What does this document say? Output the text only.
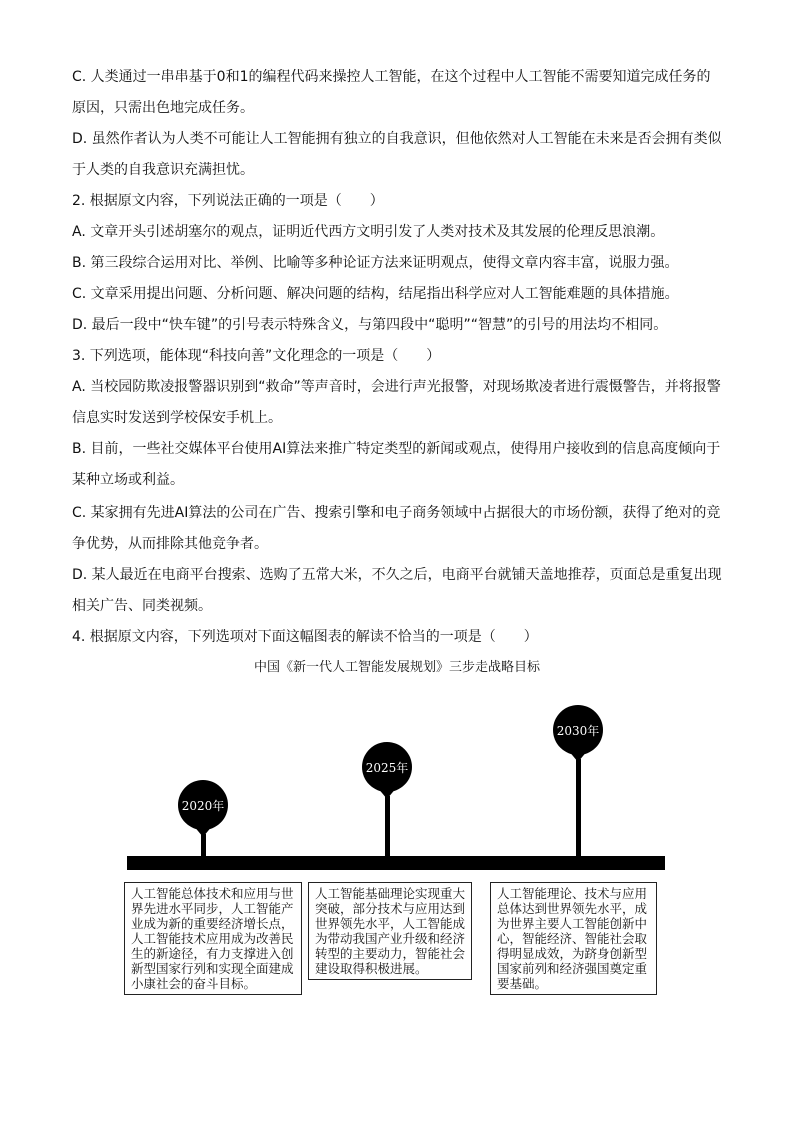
C. 人类通过一串串基于0和1的编程代码来操控人工智能，在这个过程中人工智能不需要知道完成任务的原因，只需出色地完成任务。

D. 虽然作者认为人类不可能让人工智能拥有独立的自我意识，但他依然对人工智能在未来是否会拥有类似于人类的自我意识充满担忧。

2. 根据原文内容，下列说法正确的一项是（　　）

A. 文章开头引述胡塞尔的观点，证明近代西方文明引发了人类对技术及其发展的伦理反思浪潮。

B. 第三段综合运用对比、举例、比喻等多种论证方法来证明观点，使得文章内容丰富，说服力强。

C. 文章采用提出问题、分析问题、解决问题的结构，结尾指出科学应对人工智能难题的具体措施。

D. 最后一段中“快车键”的引号表示特殊含义，与第四段中“聪明”“智慧”的引号的用法均不相同。

3. 下列选项，能体现“科技向善”文化理念的一项是（　　）

A. 当校园防欺凌报警器识别到“救命”等声音时，会进行声光报警，对现场欺凌者进行震慑警告，并将报警信息实时发送到学校保安手机上。

B. 目前，一些社交媒体平台使用AI算法来推广特定类型的新闻或观点，使得用户接收到的信息高度倾向于某种立场或利益。

C. 某家拥有先进AI算法的公司在广告、搜索引擎和电子商务领域中占据很大的市场份额，获得了绝对的竞争优势，从而排除其他竞争者。

D. 某人最近在电商平台搜索、选购了五常大米，不久之后，电商平台就铺天盖地推荐，页面总是重复出现相关广告、同类视频。

4. 根据原文内容，下列选项对下面这幅图表的解读不恰当的一项是（　　）

中国《新一代人工智能发展规划》三步走战略目标
2020年
2025年
2030年
人工智能总体技术和应用与世界先进水平同步，人工智能产业成为新的重要经济增长点，人工智能技术应用成为改善民生的新途径，有力支撑进入创新型国家行列和实现全面建成小康社会的奋斗目标。
人工智能基础理论实现重大突破，部分技术与应用达到世界领先水平，人工智能成为带动我国产业升级和经济转型的主要动力，智能社会建设取得积极进展。
人工智能理论、技术与应用总体达到世界领先水平，成为世界主要人工智能创新中心，智能经济、智能社会取得明显成效，为跻身创新型国家前列和经济强国奠定重要基础。
